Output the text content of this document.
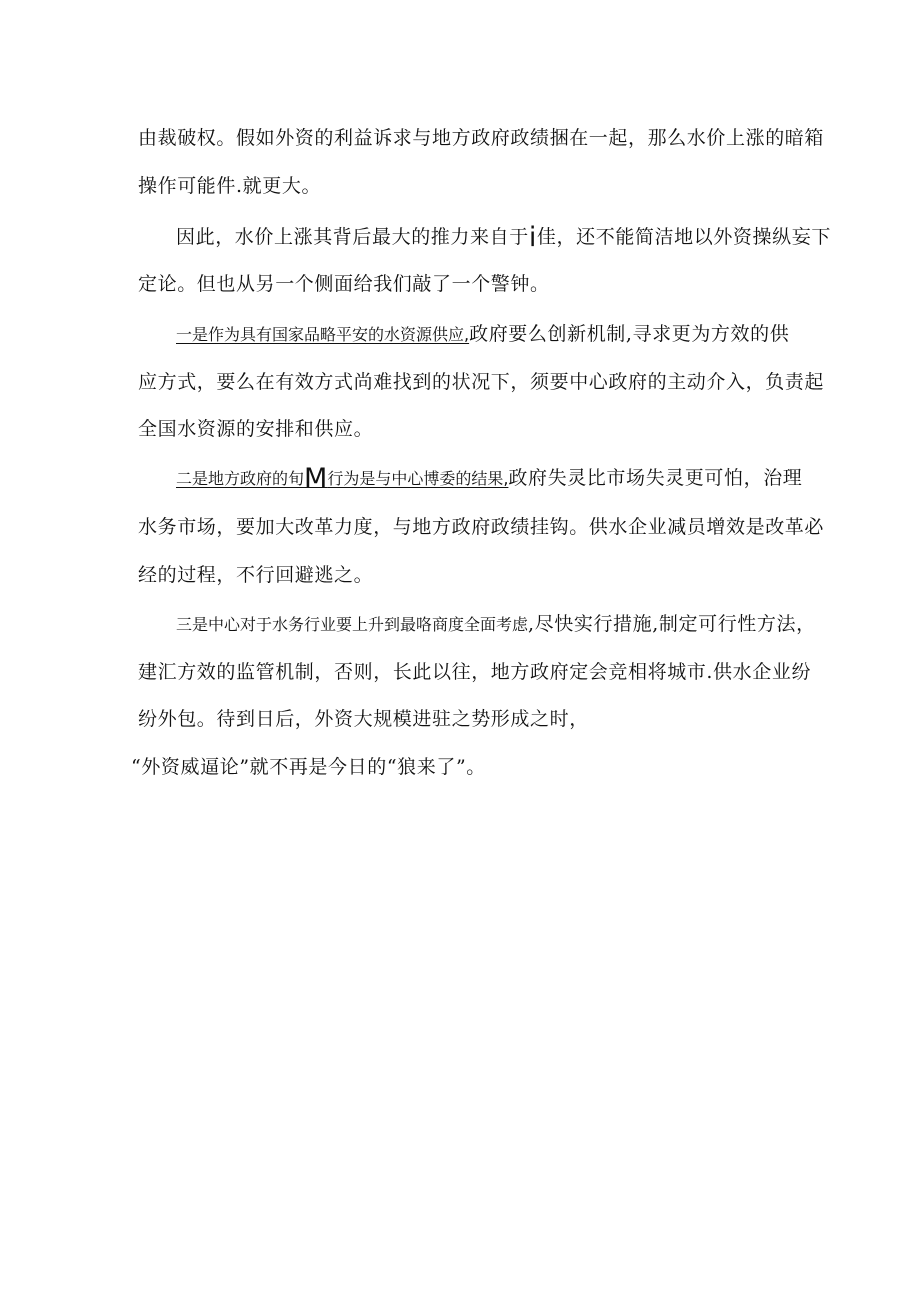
由裁破权。假如外资的利益诉求与地方政府政绩捆在一起，那么水价上涨的暗箱
操作可能件.就更大。
因此，水价上涨其背后最大的推力来自于i佳，还不能简洁地以外资操纵妄下
定论。但也从另一个侧面给我们敲了一个警钟。
一是作为具有国家品略平安的水资源供应,政府要么创新机制,寻求更为方效的供
应方式，要么在有效方式尚难找到的状况下，须要中心政府的主动介入，负责起
全国水资源的安排和供应。
二是地方政府的旬M行为是与中心博委的结果,政府失灵比市场失灵更可怕，治理
水务市场，要加大改革力度，与地方政府政绩挂钩。供水企业减员增效是改革必
经的过程，不行回避逃之。
三是中心对于水务行业要上升到最咯商度全面考虑,尽快实行措施,制定可行性方法，
建汇方效的监管机制，否则，长此以往，地方政府定会竞相将城市.供水企业纷
纷外包。待到日后，外资大规模进驻之势形成之时，
“外资威逼论”就不再是今日的“狼来了”。
